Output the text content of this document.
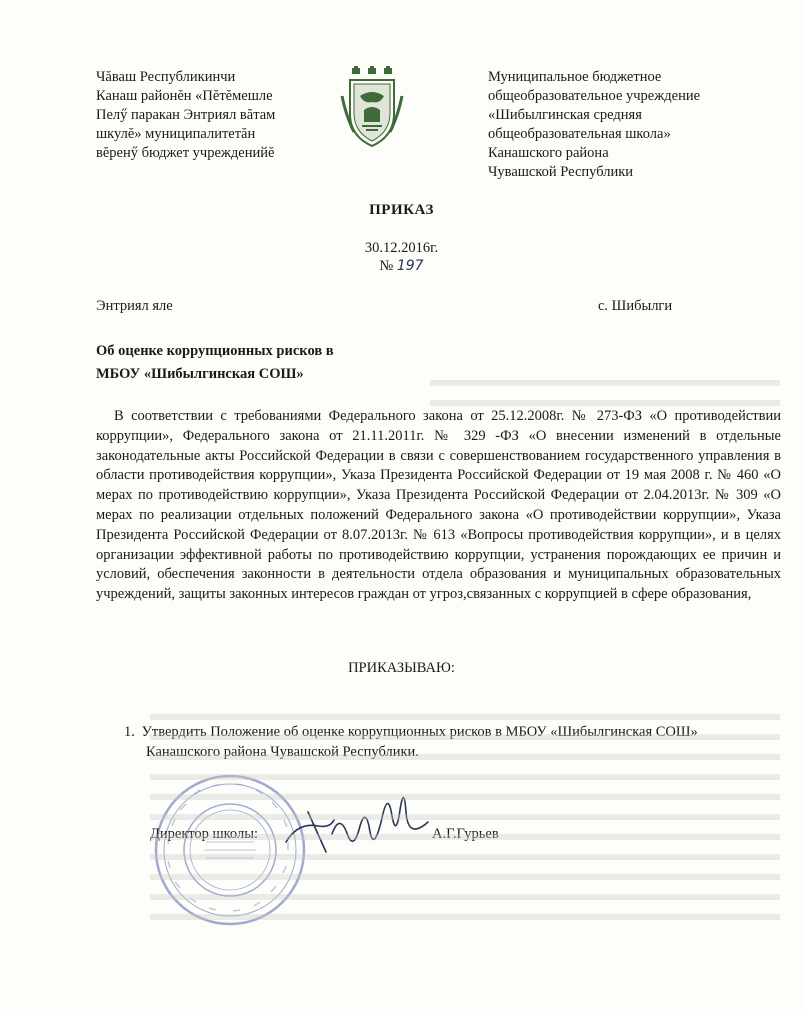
Чăваш Республикинчи
Канаш районĕн «Пĕтĕмешле
Пелӳ паракан Энтриял вăтам
шкулĕ» муниципалитетăн
вĕренӳ бюджет учрежденийĕ
Муниципальное бюджетное
общеобразовательное учреждение
«Шибылгинская средняя
общеобразовательная школа»
Канашского района
Чувашской Республики
ПРИКАЗ
30.12.2016г.
№ 197
Энтриял яле	с. Шибылги
Об оценке коррупционных рисков в
МБОУ «Шибылгинская СОШ»
В соответствии с требованиями Федерального закона от 25.12.2008г. № 273-ФЗ «О противодействии коррупции», Федерального закона от 21.11.2011г. № 329 -ФЗ «О внесении изменений в отдельные законодательные акты Российской Федерации в связи с совершенствованием государственного управления в области противодействия коррупции», Указа Президента Российской Федерации от 19 мая 2008 г. № 460 «О мерах по противодействию коррупции», Указа Президента Российской Федерации от 2.04.2013г. № 309 «О мерах по реализации отдельных положений Федерального закона «О противодействии коррупции», Указа Президента Российской Федерации от 8.07.2013г. № 613 «Вопросы противодействия коррупции», и в целях организации эффективной работы по противодействию коррупции, устранения порождающих ее причин и условий, обеспечения законности в деятельности отдела образования и муниципальных образовательных учреждений, защиты законных интересов граждан от угроз,связанных с коррупцией в сфере образования,
ПРИКАЗЫВАЮ:
1. Утвердить Положение об оценке коррупционных рисков в МБОУ «Шибылгинская СОШ»
Канашского района Чувашской Республики.
Директор школы:	А.Г.Гурьев
